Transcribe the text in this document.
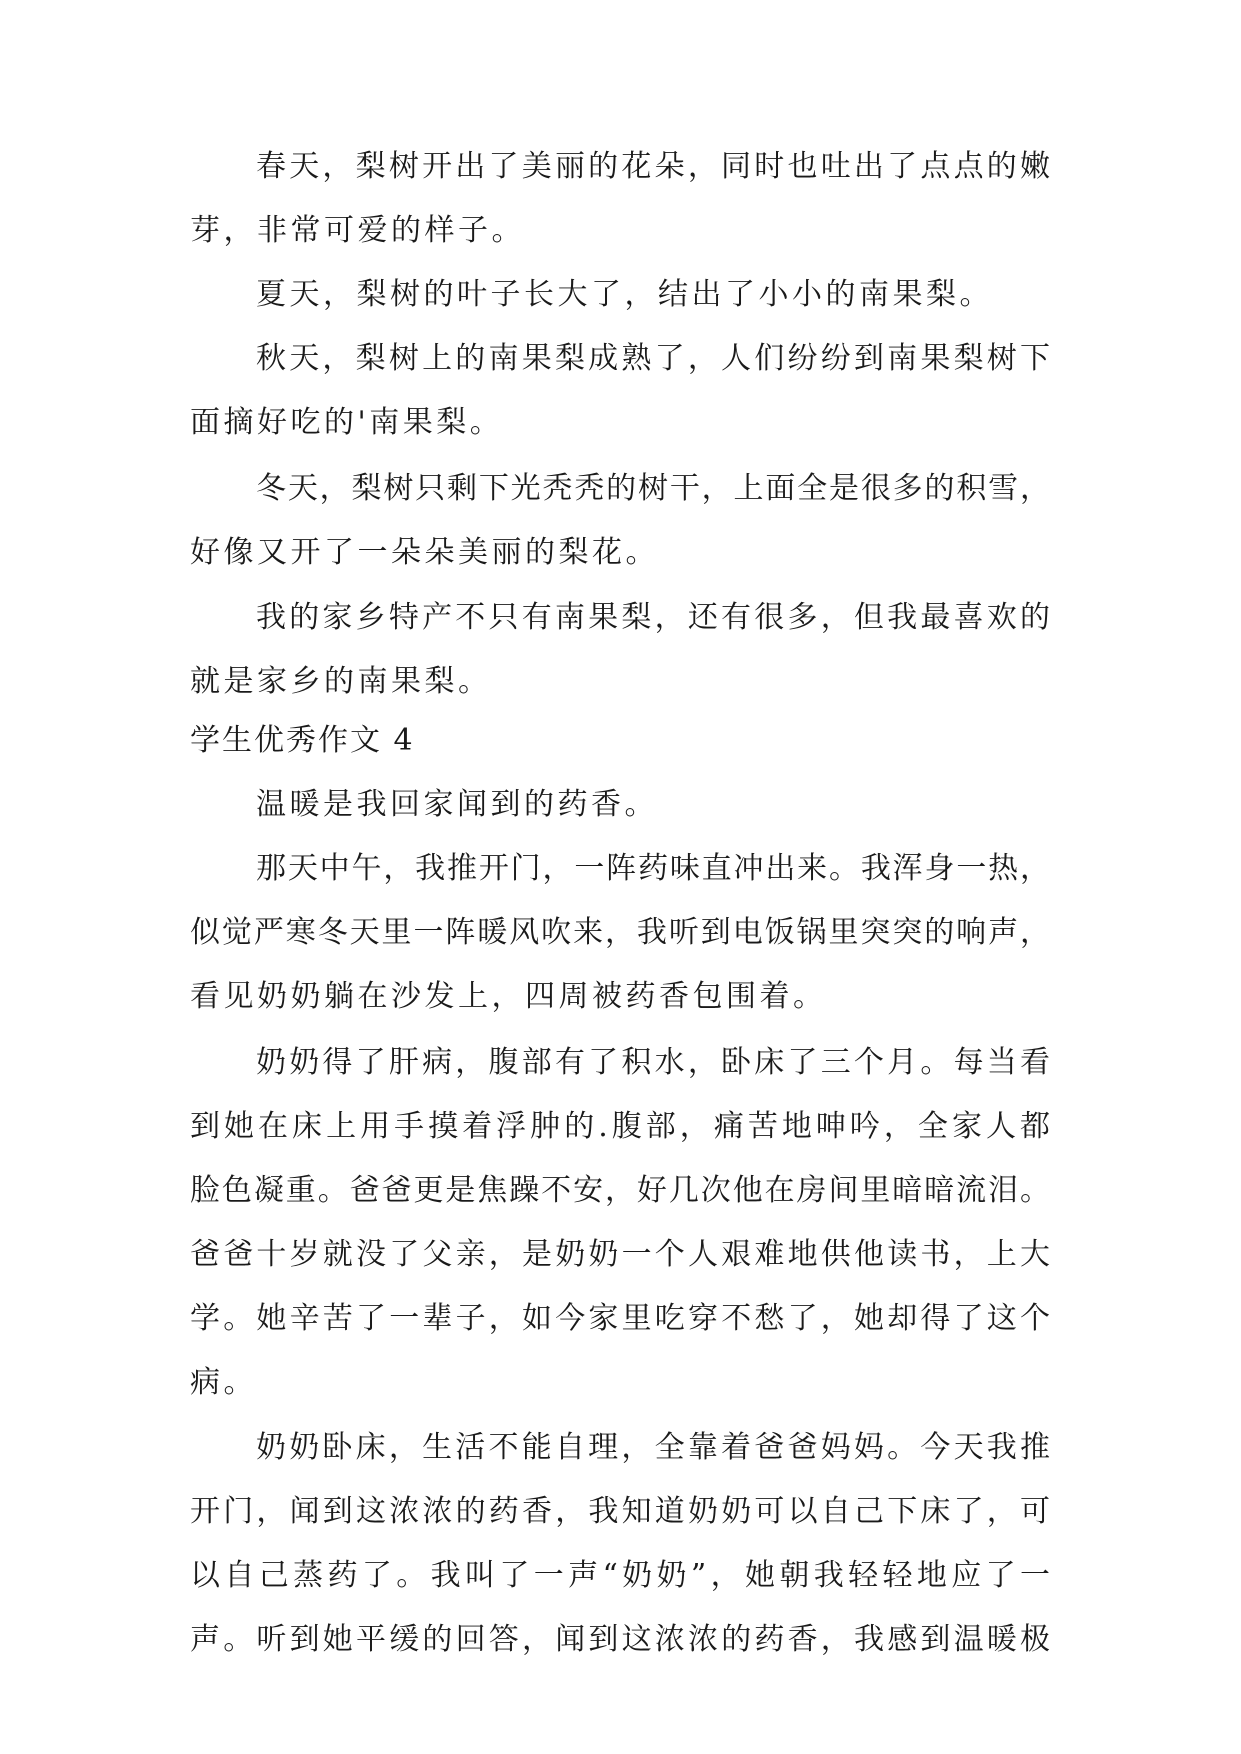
春天，梨树开出了美丽的花朵，同时也吐出了点点的嫩
芽，非常可爱的样子。
夏天，梨树的叶子长大了，结出了小小的南果梨。
秋天，梨树上的南果梨成熟了，人们纷纷到南果梨树下
面摘好吃的'南果梨。
冬天，梨树只剩下光秃秃的树干，上面全是很多的积雪，
好像又开了一朵朵美丽的梨花。
我的家乡特产不只有南果梨，还有很多，但我最喜欢的
就是家乡的南果梨。
学生优秀作文 4
温暖是我回家闻到的药香。
那天中午，我推开门，一阵药味直冲出来。我浑身一热，
似觉严寒冬天里一阵暖风吹来，我听到电饭锅里突突的响声，
看见奶奶躺在沙发上，四周被药香包围着。
奶奶得了肝病，腹部有了积水，卧床了三个月。每当看
到她在床上用手摸着浮肿的.腹部，痛苦地呻吟，全家人都
脸色凝重。爸爸更是焦躁不安，好几次他在房间里暗暗流泪。
爸爸十岁就没了父亲，是奶奶一个人艰难地供他读书，上大
学。她辛苦了一辈子，如今家里吃穿不愁了，她却得了这个
病。
奶奶卧床，生活不能自理，全靠着爸爸妈妈。今天我推
开门，闻到这浓浓的药香，我知道奶奶可以自己下床了，可
以自己蒸药了。我叫了一声“奶奶”，她朝我轻轻地应了一
声。听到她平缓的回答，闻到这浓浓的药香，我感到温暖极
